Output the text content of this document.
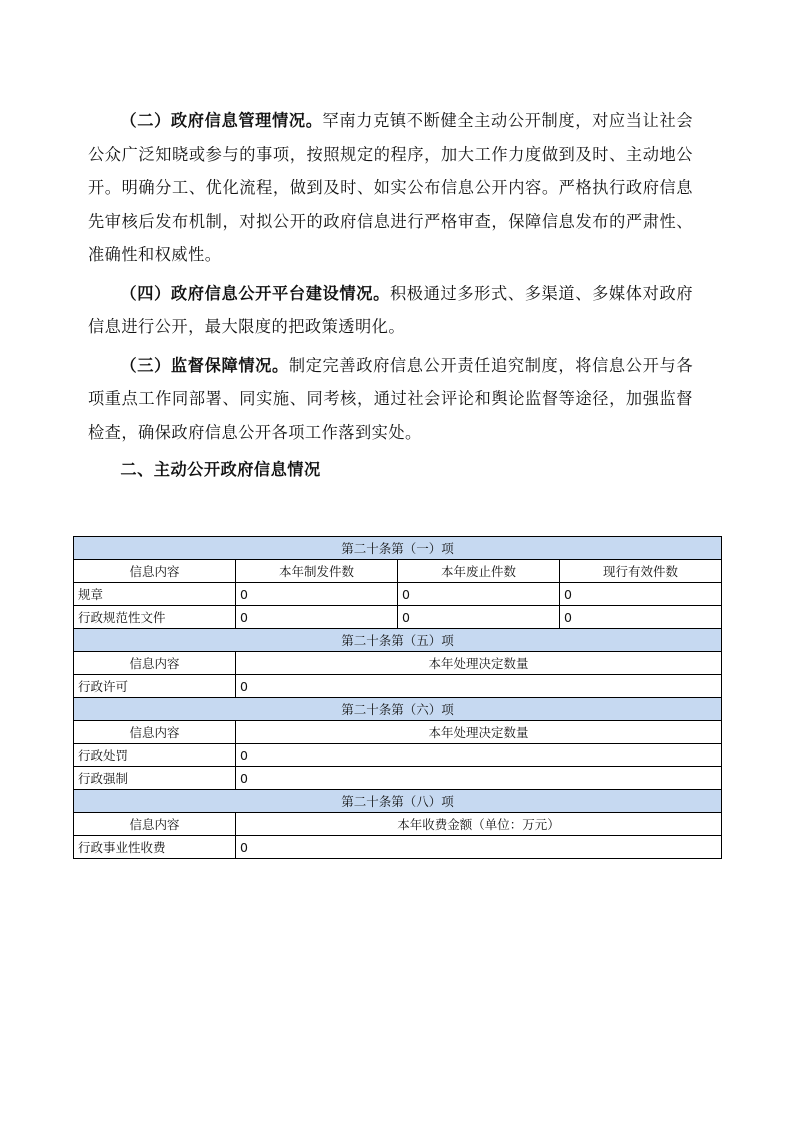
（二）政府信息管理情况。罕南力克镇不断健全主动公开制度，对应当让社会公众广泛知晓或参与的事项，按照规定的程序，加大工作力度做到及时、主动地公开。明确分工、优化流程，做到及时、如实公布信息公开内容。严格执行政府信息先审核后发布机制，对拟公开的政府信息进行严格审查，保障信息发布的严肃性、准确性和权威性。

（四）政府信息公开平台建设情况。积极通过多形式、多渠道、多媒体对政府信息进行公开，最大限度的把政策透明化。

（三）监督保障情况。制定完善政府信息公开责任追究制度，将信息公开与各项重点工作同部署、同实施、同考核，通过社会评论和舆论监督等途径，加强监督检查，确保政府信息公开各项工作落到实处。

二、主动公开政府信息情况

第二十条第（一）项			
信息内容	本年制发件数	本年废止件数	现行有效件数
规章	0	0	0
行政规范性文件	0	0	0
第二十条第（五）项			
信息内容	本年处理决定数量		
行政许可	0		
第二十条第（六）项			
信息内容	本年处理决定数量		
行政处罚	0		
行政强制	0		
第二十条第（八）项			
信息内容	本年收费金额（单位：万元）		
行政事业性收费	0		
